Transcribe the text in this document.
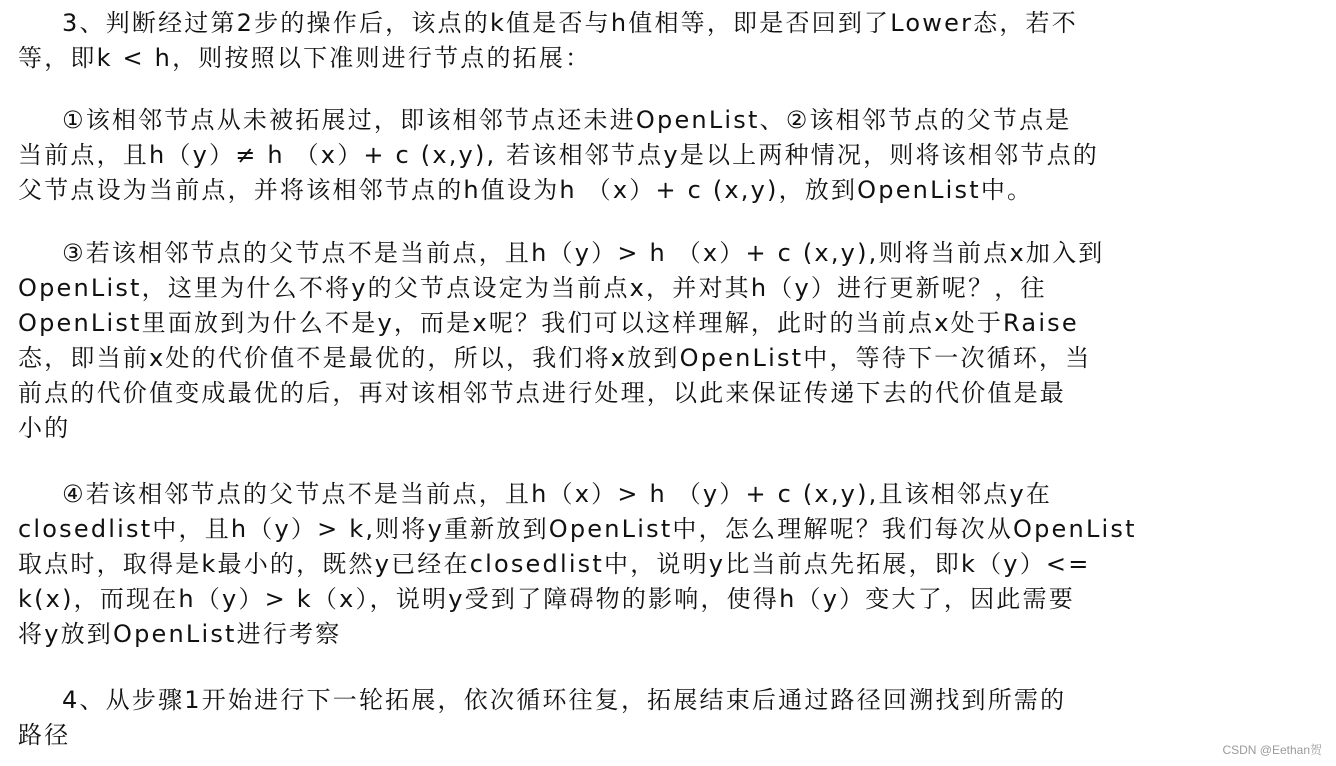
3、判断经过第2步的操作后，该点的k值是否与h值相等，即是否回到了Lower态，若不
等，即k < h，则按照以下准则进行节点的拓展：
①该相邻节点从未被拓展过，即该相邻节点还未进OpenList、②该相邻节点的父节点是
当前点，且h（y）≠ h （x）+ c (x,y), 若该相邻节点y是以上两种情况，则将该相邻节点的
父节点设为当前点，并将该相邻节点的h值设为h （x）+ c (x,y)，放到OpenList中。
③若该相邻节点的父节点不是当前点，且h（y）> h （x）+ c (x,y),则将当前点x加入到
OpenList，这里为什么不将y的父节点设定为当前点x，并对其h（y）进行更新呢？，往
OpenList里面放到为什么不是y，而是x呢？我们可以这样理解，此时的当前点x处于Raise
态，即当前x处的代价值不是最优的，所以，我们将x放到OpenList中，等待下一次循环，当
前点的代价值变成最优的后，再对该相邻节点进行处理，以此来保证传递下去的代价值是最
小的
④若该相邻节点的父节点不是当前点，且h（x）> h （y）+ c (x,y),且该相邻点y在
closedlist中，且h（y）> k,则将y重新放到OpenList中，怎么理解呢？我们每次从OpenList
取点时，取得是k最小的，既然y已经在closedlist中，说明y比当前点先拓展，即k（y）<=
k(x)，而现在h（y）> k（x），说明y受到了障碍物的影响，使得h（y）变大了，因此需要
将y放到OpenList进行考察
4、从步骤1开始进行下一轮拓展，依次循环往复，拓展结束后通过路径回溯找到所需的
路径
CSDN @Eethan贺
